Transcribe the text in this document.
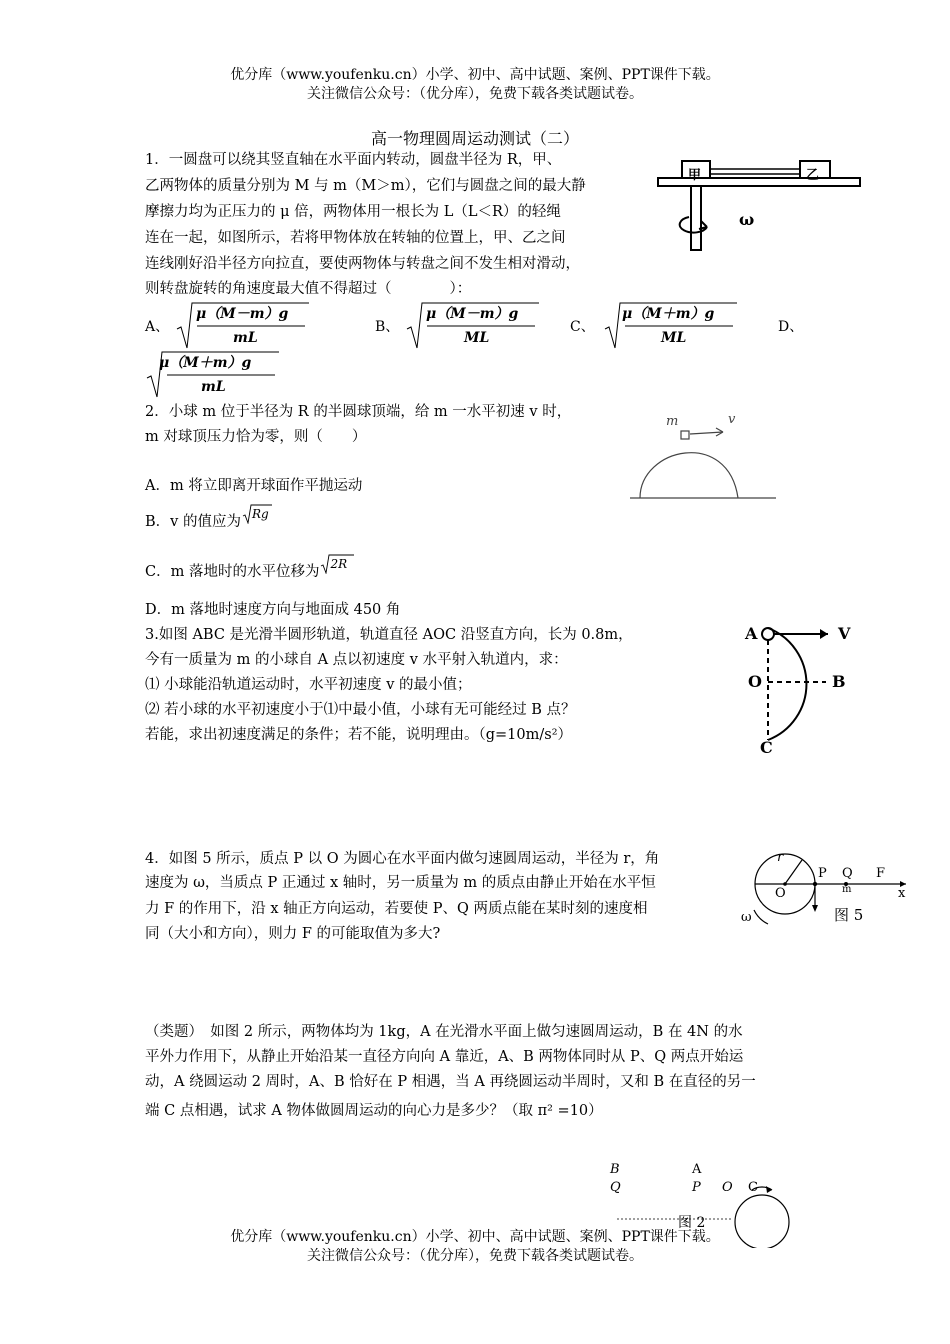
优分库（www.youfenku.cn）小学、初中、高中试题、案例、PPT课件下载。
关注微信公众号：（优分库），免费下载各类试题试卷。
高一物理圆周运动测试（二）
1．一圆盘可以绕其竖直轴在水平面内转动，圆盘半径为 R，甲、
乙两物体的质量分别为 M 与 m（M＞m），它们与圆盘之间的最大静
摩擦力均为正压力的 μ 倍，两物体用一根长为 L（L＜R）的轻绳
连在一起，如图所示，若将甲物体放在转轴的位置上，甲、乙之间
连线刚好沿半径方向拉直，要使两物体与转盘之间不发生相对滑动，
则转盘旋转的角速度最大值不得超过（　　　　）：
甲	乙
ω
A、
μ（M－m）g
mL
B、
μ（M－m）g
ML
C、
μ（M＋m）g
ML
D、
μ（M＋m）g
mL
2．小球 m 位于半径为 R 的半圆球顶端，给 m 一水平初速 v 时，
m 对球顶压力恰为零，则（　　）
m	v
A．m 将立即离开球面作平抛运动
B．v 的值应为 Rg
C．m 落地时的水平位移为 2R
D．m 落地时速度方向与地面成 450 角
3.如图 ABC 是光滑半圆形轨道，轨道直径 AOC 沿竖直方向，长为 0.8m，
今有一质量为 m 的小球自 A 点以初速度 v 水平射入轨道内，求：
⑴ 小球能沿轨道运动时，水平初速度 v 的最小值；
⑵ 若小球的水平初速度小于⑴中最小值，小球有无可能经过 B 点？
若能，求出初速度满足的条件；若不能，说明理由。（g=10m/s²）
A	V
O	B
C
4．如图 5 所示，质点 P 以 O 为圆心在水平面内做匀速圆周运动，半径为 r，角
速度为 ω，当质点 P 正通过 x 轴时，另一质量为 m 的质点由静止开始在水平恒
力 F 的作用下，沿 x 轴正方向运动，若要使 P、Q 两质点能在某时刻的速度相
同（大小和方向），则力 F 的可能取值为多大?
r
O
P Q
m
F
x
ω	图 5
（类题）　如图 2 所示，两物体均为 1kg，A 在光滑水平面上做匀速圆周运动，B 在 4N 的水
平外力作用下，从静止开始沿某一直径方向向 A 靠近，A、B 两物体同时从 P、Q 两点开始运
动，A 绕圆运动 2 周时，A、B 恰好在 P 相遇，当 A 再绕圆运动半周时，又和 B 在直径的另一
端 C 点相遇，试求 A 物体做圆周运动的向心力是多少？（取 π² =10）
B
Q
A
P O C
图 2
优分库（www.youfenku.cn）小学、初中、高中试题、案例、PPT课件下载。
关注微信公众号：（优分库），免费下载各类试题试卷。
